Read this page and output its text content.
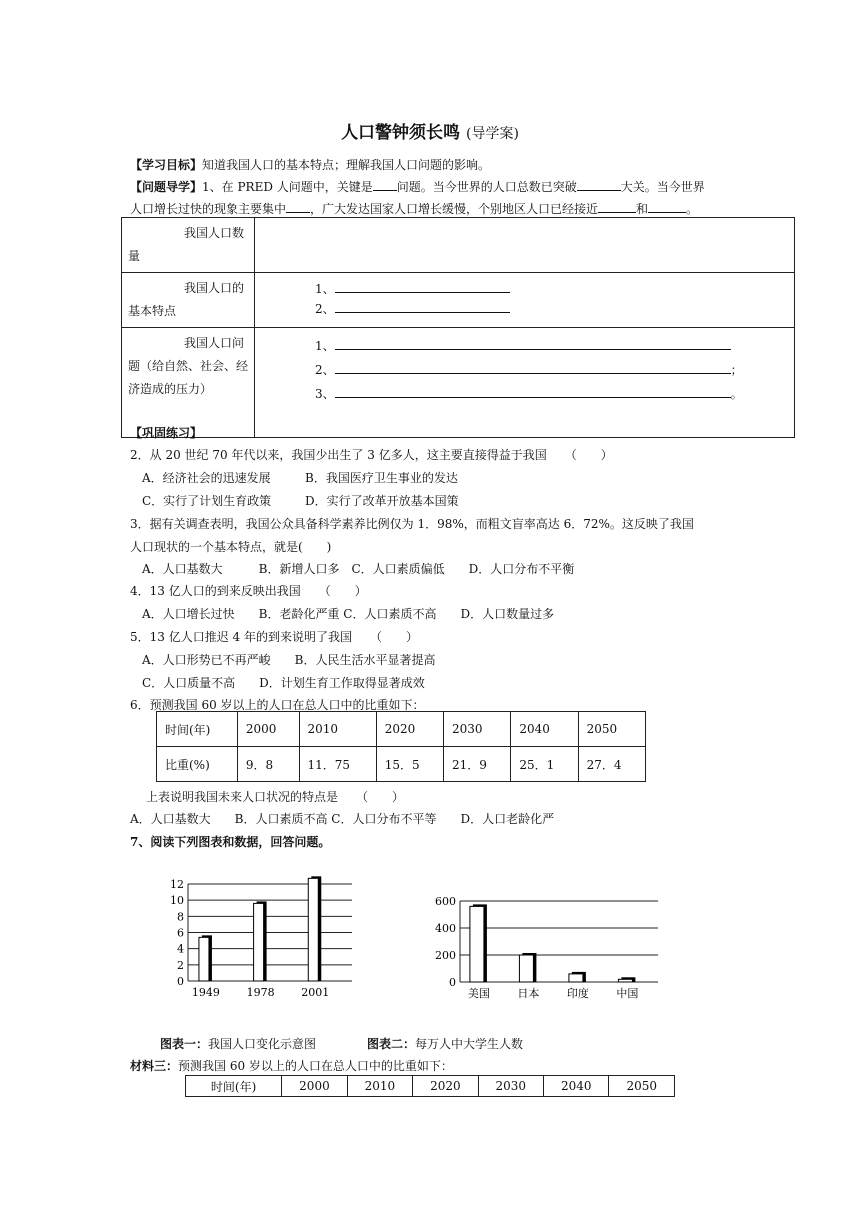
人口警钟须长鸣 (导学案)
【学习目标】知道我国人口的基本特点；理解我国人口问题的影响。
【问题导学】1、在 PRED 人问题中，关键是 问题。当今世界的人口总数已突破	大关。当今世界
人口增长过快的现象主要集中 ，广大发达国家人口增长缓慢，个别地区人口已经接近	和	。
我国人口数量	
我国人口的基本特点	1、
2、

我国人口问题（给自然、社会、经济造成的压力）	1、
2、 ；
3、 。
【巩固练习】
2．从 20 世纪 70 年代以来，我国少出生了 3 亿多人，这主要直接得益于我国　　（　　）
A．经济社会的迅速发展	B．我国医疗卫生事业的发达
C．实行了计划生育政策	D．实行了改革开放基本国策
3．据有关调查表明，我国公众具备科学素养比例仅为 1．98%，而粗文盲率高达 6．72%。这反映了我国
人口现状的一个基本特点，就是(　　)
A．人口基数大　　　B．新增人口多　C．人口素质偏低　　D．人口分布不平衡
4．13 亿人口的到来反映出我国　　（　　）
A．人口增长过快　　B．老龄化严重 C．人口素质不高　　D．人口数量过多
5．13 亿人口推迟 4 年的到来说明了我国　　（　　）
A．人口形势已不再严峻　　B．人民生活水平显著提高
C．人口质量不高　　D．计划生育工作取得显著成效
6．预测我国 60 岁以上的人口在总人口中的比重如下：
时间(年)	2000	2010	2020	2030	2040	2050
比重(%)	9．8	11．75	15．5	21．9	25．1	27．4
上表说明我国未来人口状况的特点是　　（　　）
A．人口基数大　　B．人口素质不高 C．人口分布不平等　　D．人口老龄化严
7、阅读下列图表和数据，回答问题。
0
2
4
6
8
10
12
1949 1978 2001
0
200
400
600
美国	日本	印度	中国
图表一：我国人口变化示意图	图表二：每万人中大学生人数
材料三：预测我国 60 岁以上的人口在总人口中的比重如下：
时间(年)	2000	2010	2020	2030	2040	2050
